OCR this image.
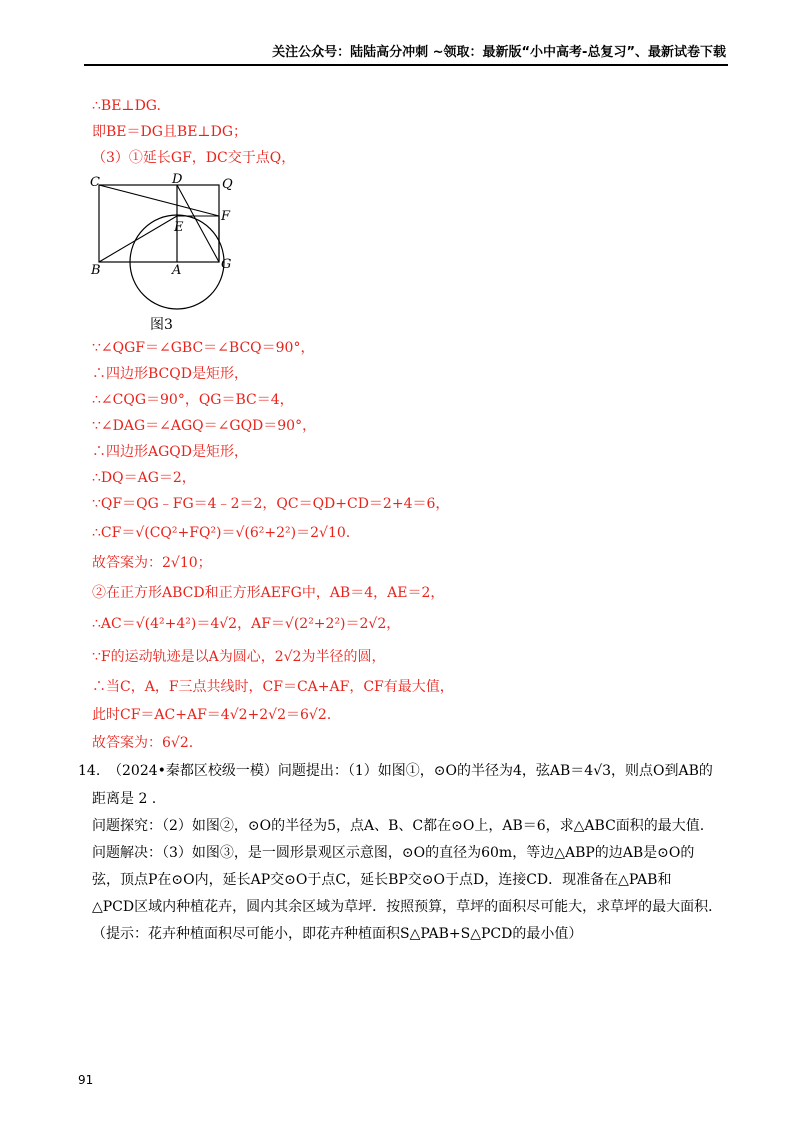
关注公众号：陆陆高分冲刺 ~领取：最新版“小中高考-总复习”、最新试卷下载
∴BE⊥DG.
即BE＝DG且BE⊥DG；
（3）①延长GF，DC交于点Q，
C	D	Q
F
E
B	A	G
图3
∵∠QGF＝∠GBC＝∠BCQ＝90°，
∴四边形BCQD是矩形，
∴∠CQG＝90°，QG＝BC＝4，
∵∠DAG＝∠AGQ＝∠GQD＝90°，
∴四边形AGQD是矩形，
∴DQ＝AG＝2，
∵QF＝QG﹣FG＝4﹣2＝2，QC＝QD+CD＝2+4＝6，
∴CF＝√(CQ²+FQ²)＝√(6²+2²)＝2√10.
故答案为：2√10；
②在正方形ABCD和正方形AEFG中，AB＝4，AE＝2，
∴AC＝√(4²+4²)＝4√2，AF＝√(2²+2²)＝2√2，
∵F的运动轨迹是以A为圆心，2√2为半径的圆，
∴当C，A，F三点共线时，CF＝CA+AF，CF有最大值，
此时CF＝AC+AF＝4√2+2√2＝6√2.
故答案为：6√2.
14. （2024•秦都区校级一模）问题提出：（1）如图①，⊙O的半径为4，弦AB＝4√3，则点O到AB的
距离是 2 .
问题探究：（2）如图②，⊙O的半径为5，点A、B、C都在⊙O上，AB＝6，求△ABC面积的最大值.
问题解决：（3）如图③，是一圆形景观区示意图，⊙O的直径为60m，等边△ABP的边AB是⊙O的
弦，顶点P在⊙O内，延长AP交⊙O于点C，延长BP交⊙O于点D，连接CD．现准备在△PAB和
△PCD区域内种植花卉，圆内其余区域为草坪．按照预算，草坪的面积尽可能大，求草坪的最大面积．
（提示：花卉种植面积尽可能小，即花卉种植面积S△PAB+S△PCD的最小值）
91
